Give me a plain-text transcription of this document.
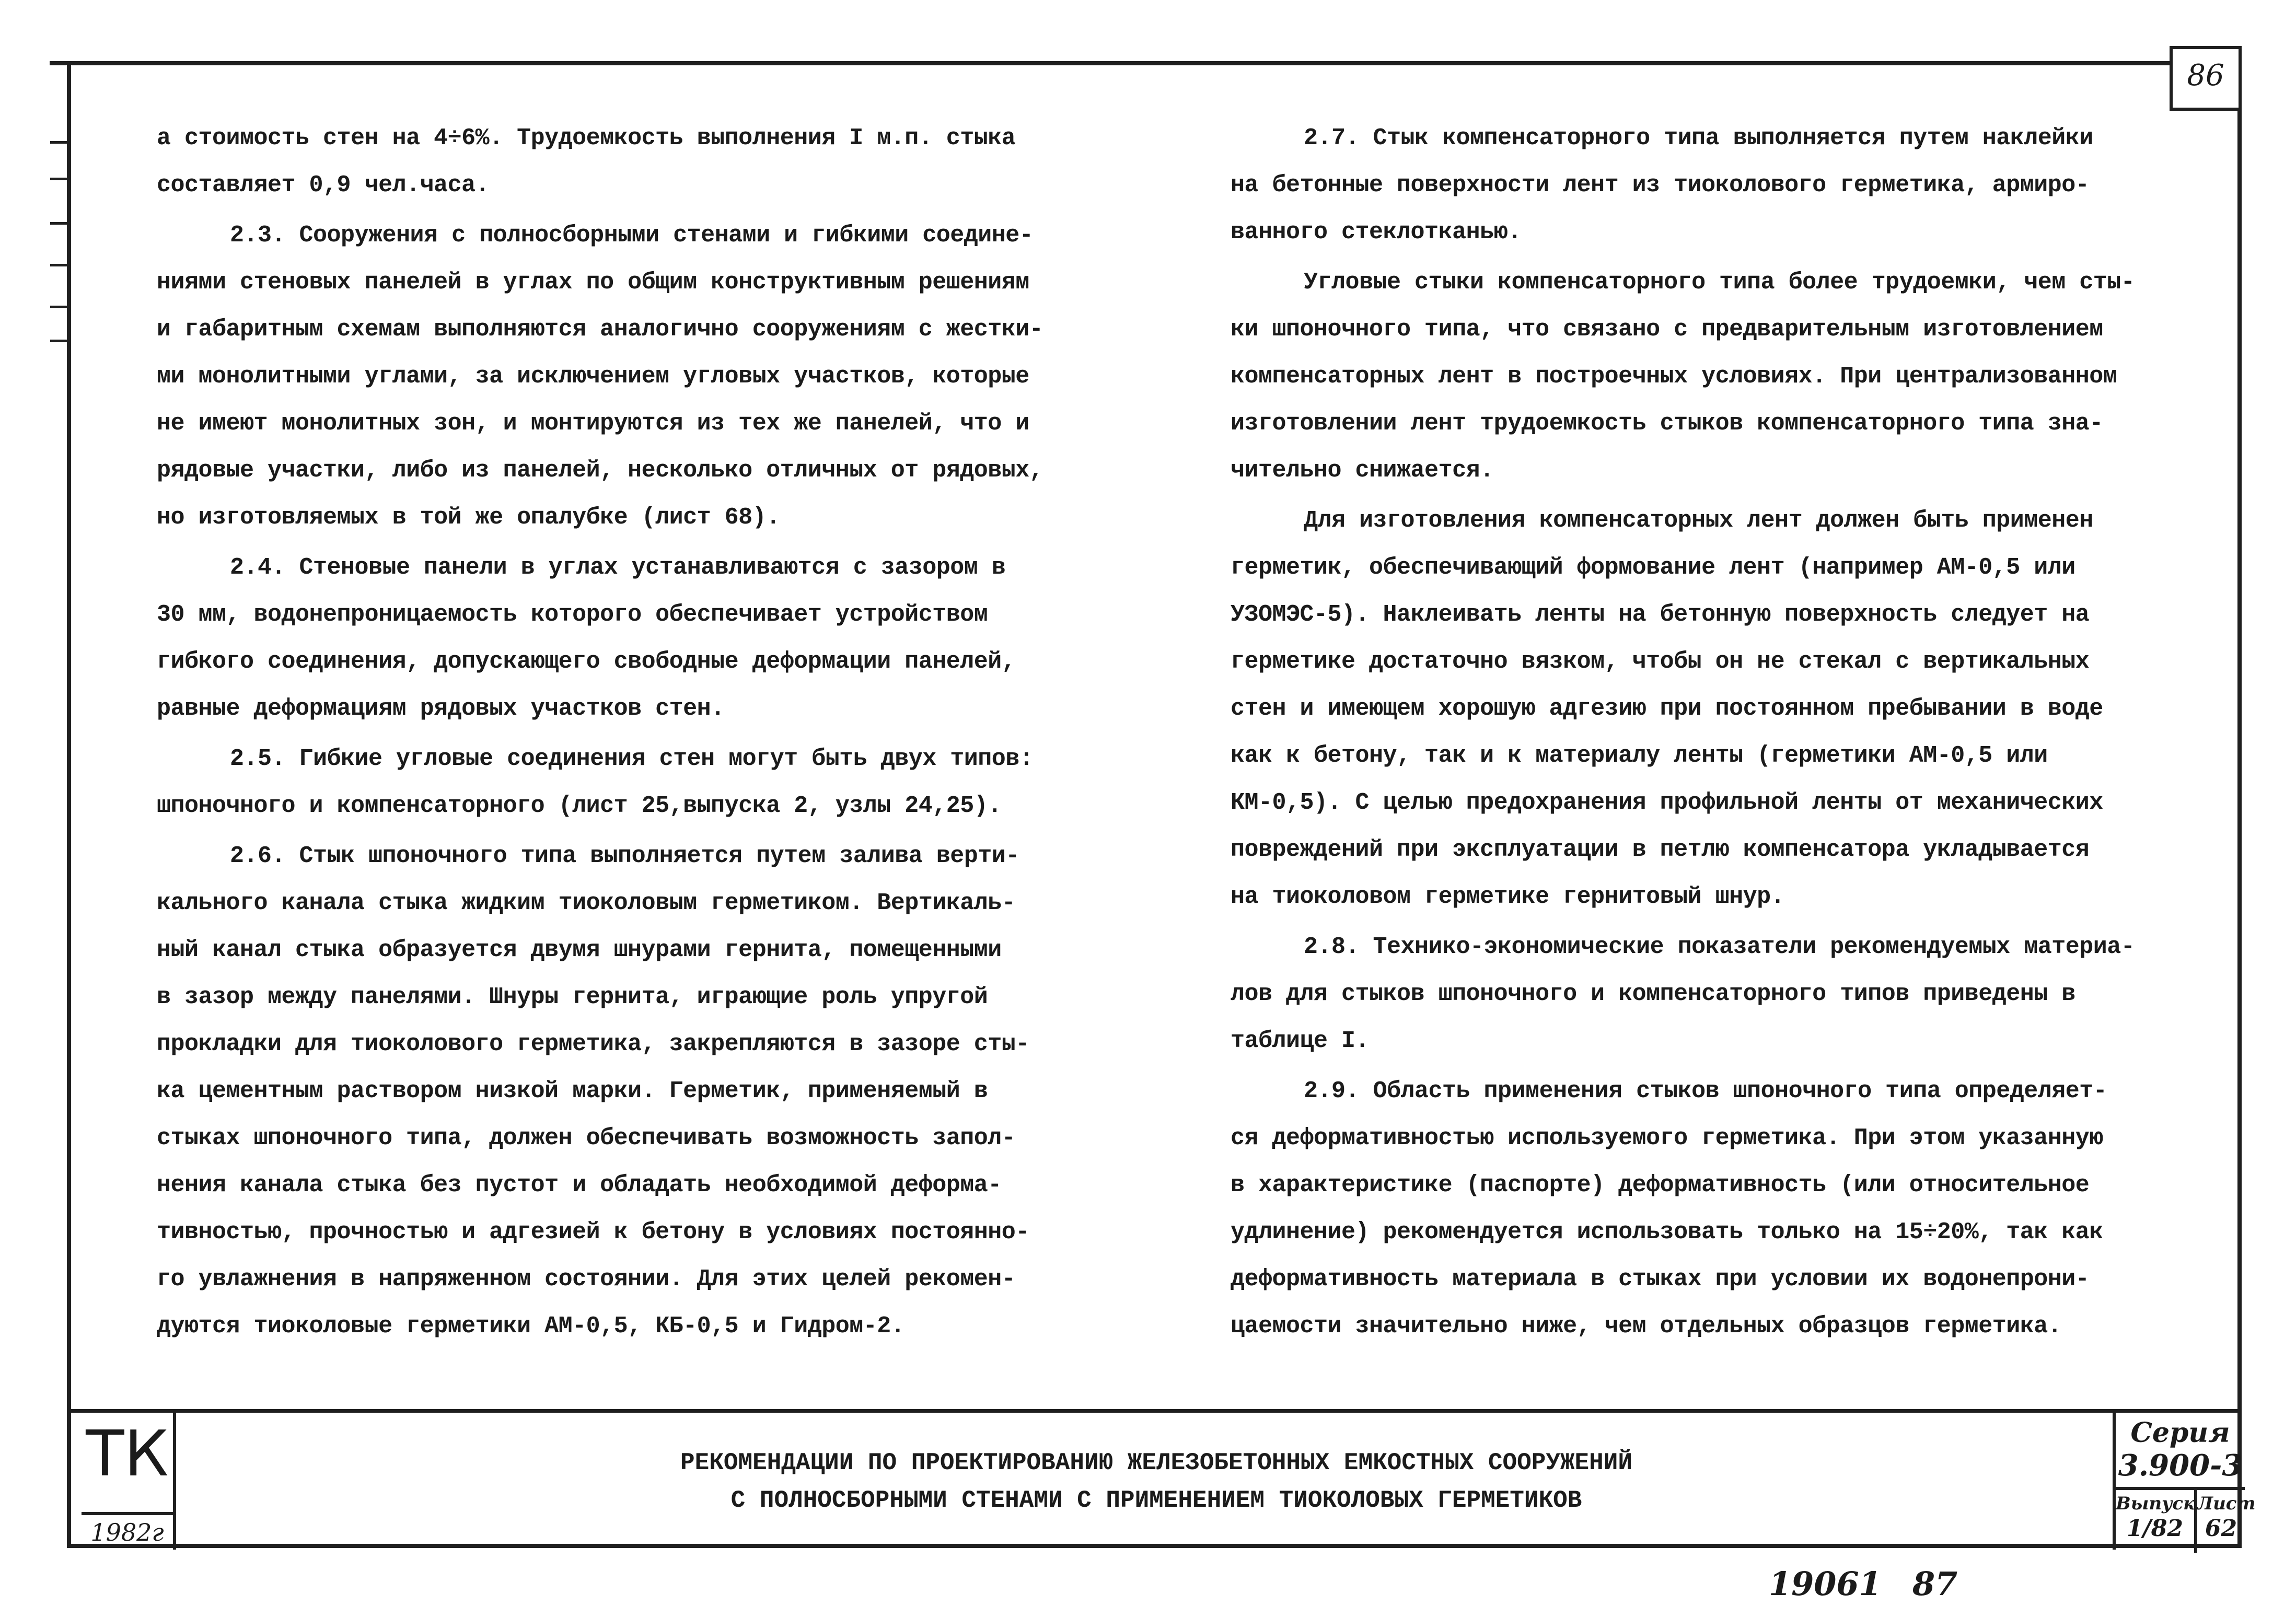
86
а стоимость стен на 4÷6%. Трудоемкость выполнения I м.п. стыка
составляет 0,9 чел.часа.
2.3. Сооружения с полносборными стенами и гибкими соедине-
ниями стеновых панелей в углах по общим конструктивным решениям
и габаритным схемам выполняются аналогично сооружениям с жестки-
ми монолитными углами, за исключением угловых участков, которые
не имеют монолитных зон, и монтируются из тех же панелей, что и
рядовые участки, либо из панелей, несколько отличных от рядовых,
но изготовляемых в той же опалубке (лист 68).
2.4. Стеновые панели в углах устанавливаются с зазором в
30 мм, водонепроницаемость которого обеспечивает устройством
гибкого соединения, допускающего свободные деформации панелей,
равные деформациям рядовых участков стен.
2.5. Гибкие угловые соединения стен могут быть двух типов:
шпоночного и компенсаторного (лист 25,выпуска 2, узлы 24,25).
2.6. Стык шпоночного типа выполняется путем залива верти-
кального канала стыка жидким тиоколовым герметиком. Вертикаль-
ный канал стыка образуется двумя шнурами гернита, помещенными
в зазор между панелями. Шнуры гернита, играющие роль упругой
прокладки для тиоколового герметика, закрепляются в зазоре сты-
ка цементным раствором низкой марки. Герметик, применяемый в
стыках шпоночного типа, должен обеспечивать возможность запол-
нения канала стыка без пустот и обладать необходимой деформа-
тивностью, прочностью и адгезией к бетону в условиях постоянно-
го увлажнения в напряженном состоянии. Для этих целей рекомен-
дуются тиоколовые герметики АМ-0,5, КБ-0,5 и Гидром-2.
2.7. Стык компенсаторного типа выполняется путем наклейки
на бетонные поверхности лент из тиоколового герметика, армиро-
ванного стеклотканью.
Угловые стыки компенсаторного типа более трудоемки, чем сты-
ки шпоночного типа, что связано с предварительным изготовлением
компенсаторных лент в построечных условиях. При централизованном
изготовлении лент трудоемкость стыков компенсаторного типа зна-
чительно снижается.
Для изготовления компенсаторных лент должен быть применен
герметик, обеспечивающий формование лент (например АМ-0,5 или
УЗОМЭС-5). Наклеивать ленты на бетонную поверхность следует на
герметике достаточно вязком, чтобы он не стекал с вертикальных
стен и имеющем хорошую адгезию при постоянном пребывании в воде
как к бетону, так и к материалу ленты (герметики АМ-0,5 или
КМ-0,5). С целью предохранения профильной ленты от механических
повреждений при эксплуатации в петлю компенсатора укладывается
на тиоколовом герметике гернитовый шнур.
2.8. Технико-экономические показатели рекомендуемых материа-
лов для стыков шпоночного и компенсаторного типов приведены в
таблице I.
2.9. Область применения стыков шпоночного типа определяет-
ся деформативностью используемого герметика. При этом указанную
в характеристике (паспорте) деформативность (или относительное
удлинение) рекомендуется использовать только на 15÷20%, так как
деформативность материала в стыках при условии их водонепрони-
цаемости значительно ниже, чем отдельных образцов герметика.
ТК
1982г
РЕКОМЕНДАЦИИ ПО ПРОЕКТИРОВАНИЮ ЖЕЛЕЗОБЕТОННЫХ ЕМКОСТНЫХ СООРУЖЕНИЙ
С ПОЛНОСБОРНЫМИ СТЕНАМИ С ПРИМЕНЕНИЕМ ТИОКОЛОВЫХ ГЕРМЕТИКОВ
Серия
3.900-3
Выпуск
1/82
Лист
62
19061 87
